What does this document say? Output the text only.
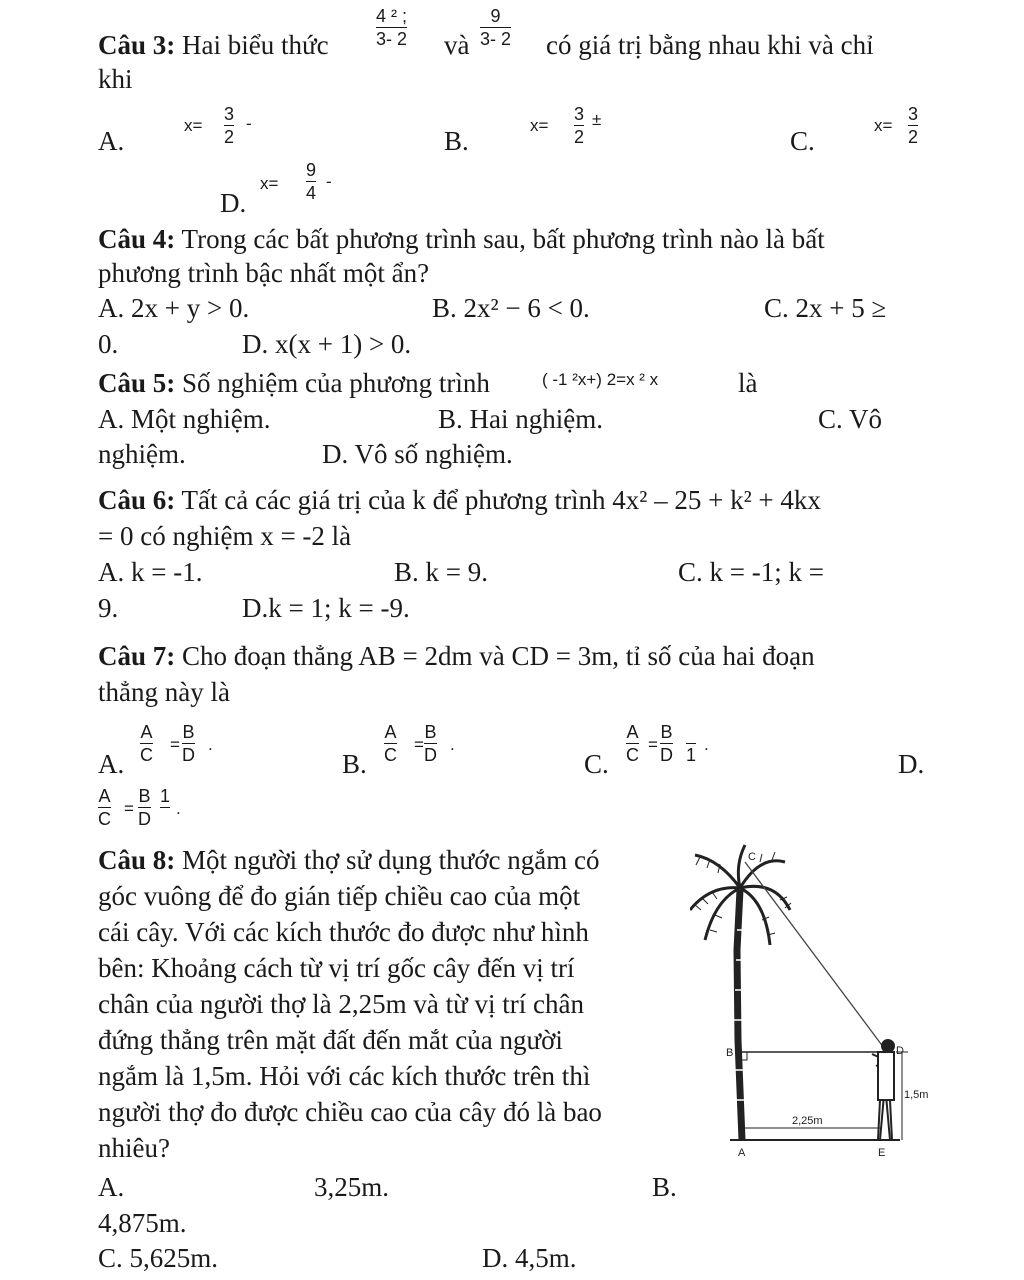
Câu 3: Hai biểu thức
4 ² ;
3- 2 và
9
3- 2 có giá trị bằng nhau khi và chỉ
khi
A.
x=
3
2
-
B.
x=
3
2
±
C.
x=
3
2
D.
x=
9
4
-
Câu 4: Trong các bất phương trình sau, bất phương trình nào là bất
phương trình bậc nhất một ẩn?
A. 2x + y > 0.	B. 2x² − 6 < 0.	C. 2x + 5 ≥
0.	D. x(x + 1) > 0.
Câu 5: Số nghiệm của phương trình	( -1 ²x+) 2=x ² x	là
A. Một nghiệm.	B. Hai nghiệm.	C. Vô
nghiệm.	D. Vô số nghiệm.
Câu 6: Tất cả các giá trị của k để phương trình 4x² – 25 + k² + 4kx
= 0 có nghiệm x = -2 là
A. k = -1.	B. k = 9.	C. k = -1; k =
9.	D.k = 1; k = -9.
Câu 7: Cho đoạn thẳng AB = 2dm và CD = 3m, tỉ số của hai đoạn
thẳng này là
A.
A
C
=
B
D
.
B.
A
C
=
B
D
.
C.
A
C
=
B
D 1
.
D.
A
C
=
B
D
1
.
Câu 8: Một người thợ sử dụng thước ngắm có
góc vuông để đo gián tiếp chiều cao của một
cái cây. Với các kích thước đo được như hình
bên: Khoảng cách từ vị trí gốc cây đến vị trí
chân của người thợ là 2,25m và từ vị trí chân
đứng thẳng trên mặt đất đến mắt của người
ngắm là 1,5m. Hỏi với các kích thước trên thì
người thợ đo được chiều cao của cây đó là bao
nhiêu?
A.	3,25m.	B.
4,875m.
C. 5,625m.	D. 4,5m.
C
B	D
A	E
2,25m
1,5m
